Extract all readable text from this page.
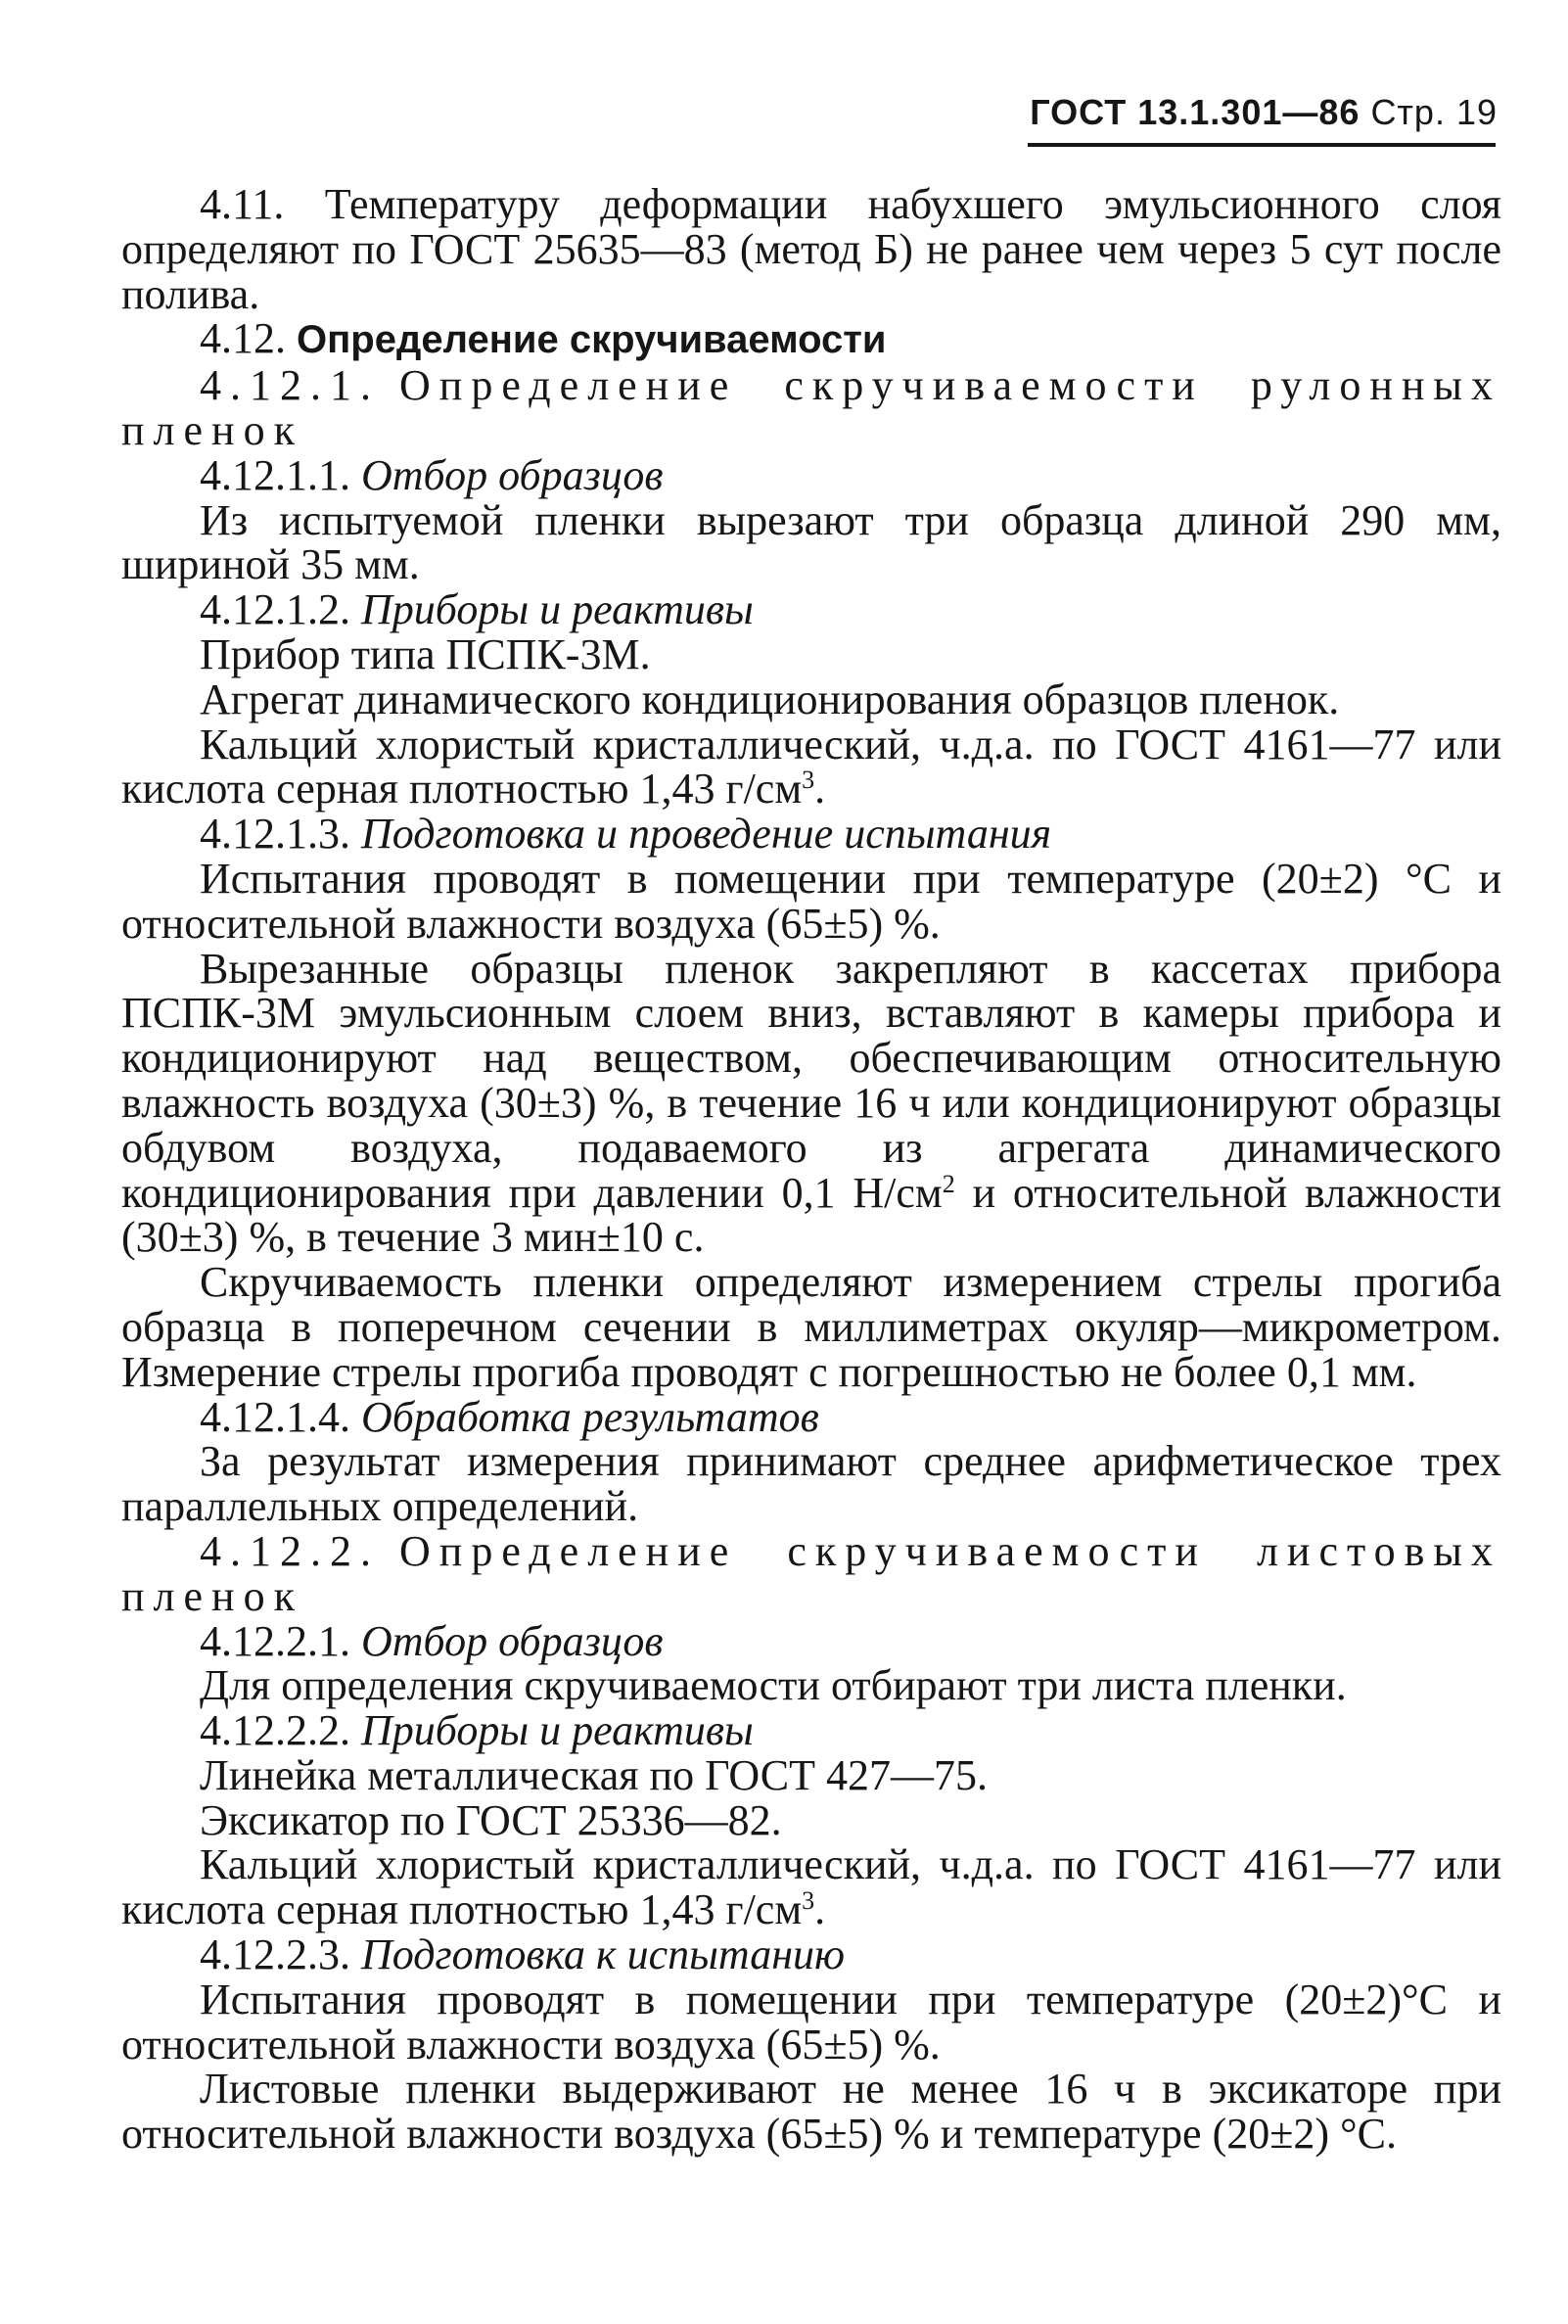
ГОСТ 13.1.301—86 Стр. 19

4.11. Температуру деформации набухшего эмульсионного слоя определяют по ГОСТ 25635—83 (метод Б) не ранее чем через 5 сут после полива.

4.12. Определение скручиваемости

4.12.1. Определение скручиваемости рулонных

пленок

4.12.1.1. Отбор образцов

Из испытуемой пленки вырезают три образца длиной 290 мм, шириной 35 мм.

4.12.1.2. Приборы и реактивы

Прибор типа ПСПК-3М.

Агрегат динамического кондиционирования образцов пленок.

Кальций хлористый кристаллический, ч.д.а. по ГОСТ 4161—77 или кислота серная плотностью 1,43 $г/см^3$.

4.12.1.3. Подготовка и проведение испытания

Испытания проводят в помещении при температуре (20±2) °C и относительной влажности воздуха (65±5) %.

Вырезанные образцы пленок закрепляют в кассетах прибора ПСПК-3М эмульсионным слоем вниз, вставляют в камеры прибора и кондиционируют над веществом, обеспечивающим относительную влажность воздуха (30±3) %, в течение 16 ч или кондиционируют образцы обдувом воздуха, подаваемого из агрегата динамического кондиционирования при давлении 0,1 $Н/см^2$ и относительной влажности (30±3) %, в течение 3 мин±10 с.

Скручиваемость пленки определяют измерением стрелы прогиба образца в поперечном сечении в миллиметрах окуляр—микрометром. Измерение стрелы прогиба проводят с погрешностью не более 0,1 мм.

4.12.1.4. Обработка результатов

За результат измерения принимают среднее арифметическое трех параллельных определений.

4.12.2. Определение скручиваемости листовых

пленок

4.12.2.1. Отбор образцов

Для определения скручиваемости отбирают три листа пленки.

4.12.2.2. Приборы и реактивы

Линейка металлическая по ГОСТ 427—75.

Эксикатор по ГОСТ 25336—82.

Кальций хлористый кристаллический, ч.д.а. по ГОСТ 4161—77 или кислота серная плотностью 1,43 $г/см^3$.

4.12.2.3. Подготовка к испытанию

Испытания проводят в помещении при температуре (20±2)°C и относительной влажности воздуха (65±5) %.

Листовые пленки выдерживают не менее 16 ч в эксикаторе при относительной влажности воздуха (65±5) % и температуре (20±2) °C.
